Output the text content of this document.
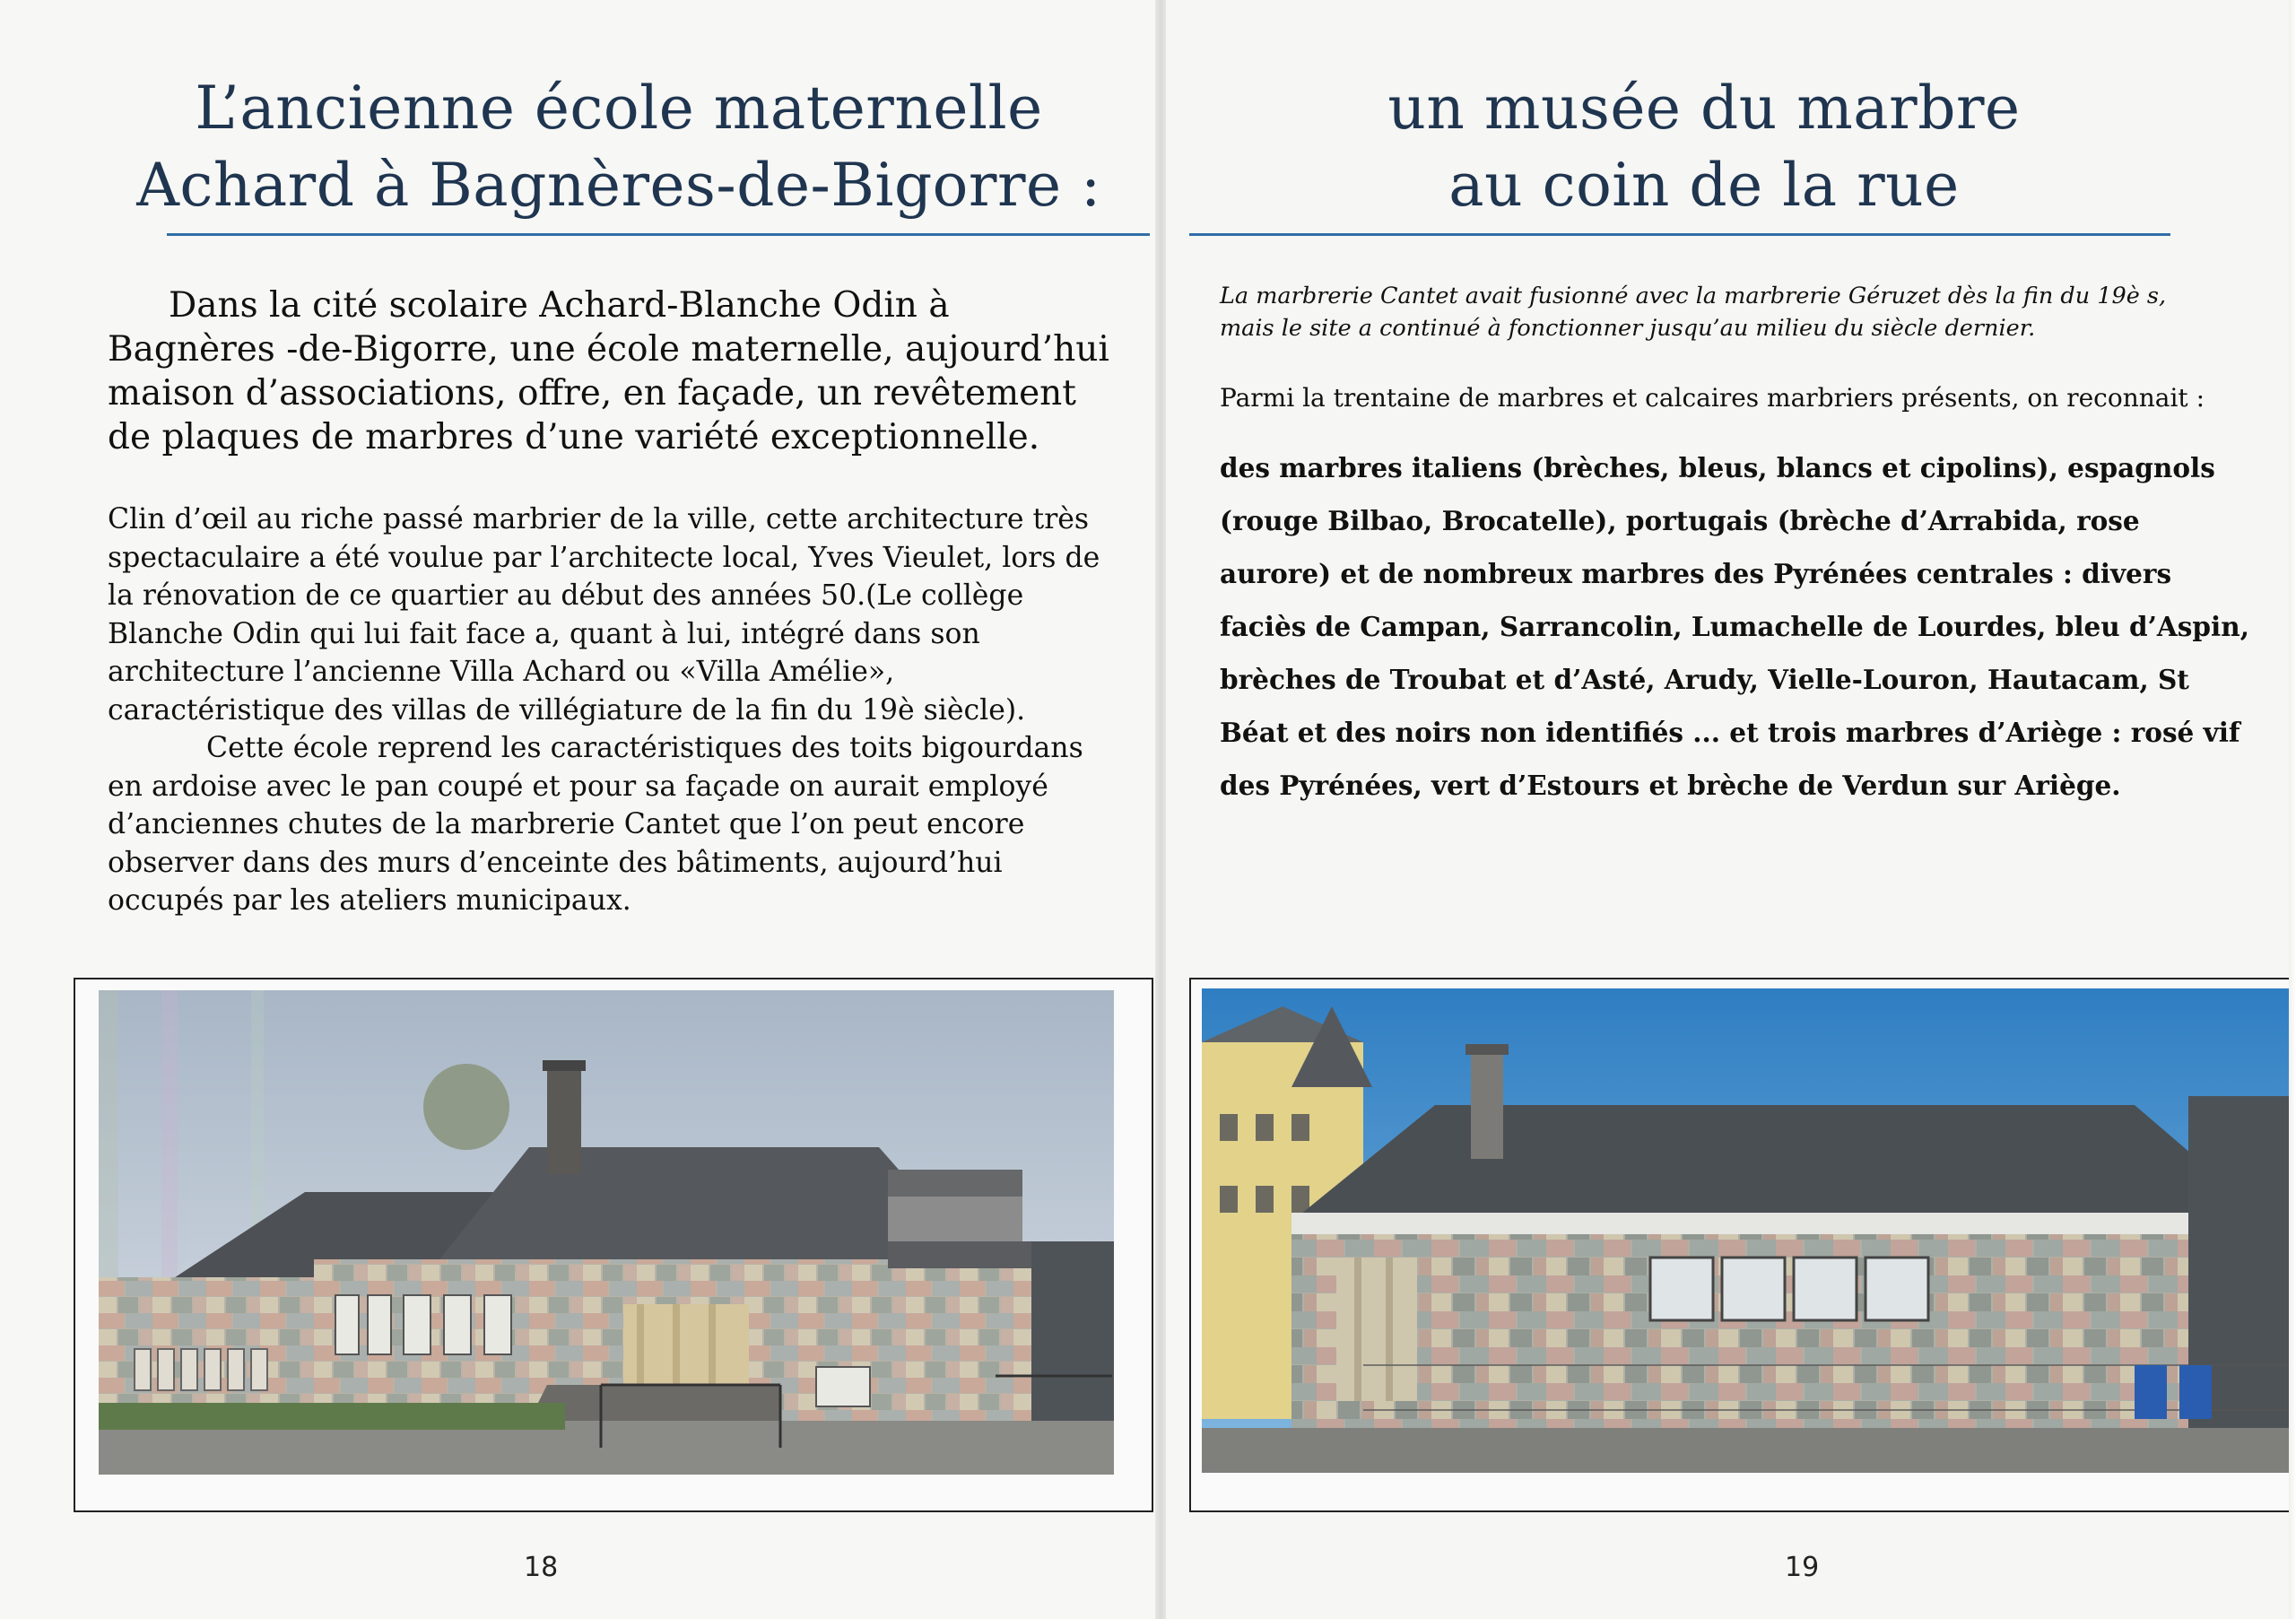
L’ancienne école maternelle
Achard à Bagnères-de-Bigorre :
Dans la cité scolaire Achard-Blanche Odin à Bagnères -de-Bigorre, une école maternelle, aujourd’hui maison d’associations, offre, en façade, un revêtement de plaques de marbres d’une variété exceptionnelle.

Clin d’œil au riche passé marbrier de la ville, cette architecture très spectaculaire a été voulue par l’architecte local, Yves Vieulet, lors de la rénovation de ce quartier au début des années 50.(Le collège Blanche Odin qui lui fait face a, quant à lui, intégré dans son architecture l’ancienne Villa Achard ou «Villa Amélie», caractéristique des villas de villégiature de la fin du 19è siècle).

Cette école reprend les caractéristiques des toits bigourdans en ardoise avec le pan coupé et pour sa façade on aurait employé d’anciennes chutes de la marbrerie Cantet que l’on peut encore observer dans des murs d’enceinte des bâtiments, aujourd’hui occupés par les ateliers municipaux.

18
un musée du marbre
au coin de la rue
La marbrerie Cantet avait fusionné avec la marbrerie Géruzet dès la fin du 19è s, mais le site a continué à fonctionner jusqu’au milieu du siècle dernier.
Parmi la trentaine de marbres et calcaires marbriers présents, on reconnait :
des marbres italiens (brèches, bleus, blancs et cipolins), espagnols (rouge Bilbao, Brocatelle), portugais (brèche d’Arrabida, rose aurore) et de nombreux marbres des Pyrénées centrales : divers faciès de Campan, Sarrancolin, Lumachelle de Lourdes, bleu d’Aspin, brèches de Troubat et d’Asté, Arudy, Vielle-Louron, Hautacam, St Béat et des noirs non identifiés ... et trois marbres d’Ariège : rosé vif des Pyrénées, vert d’Estours et brèche de Verdun sur Ariège.
19
